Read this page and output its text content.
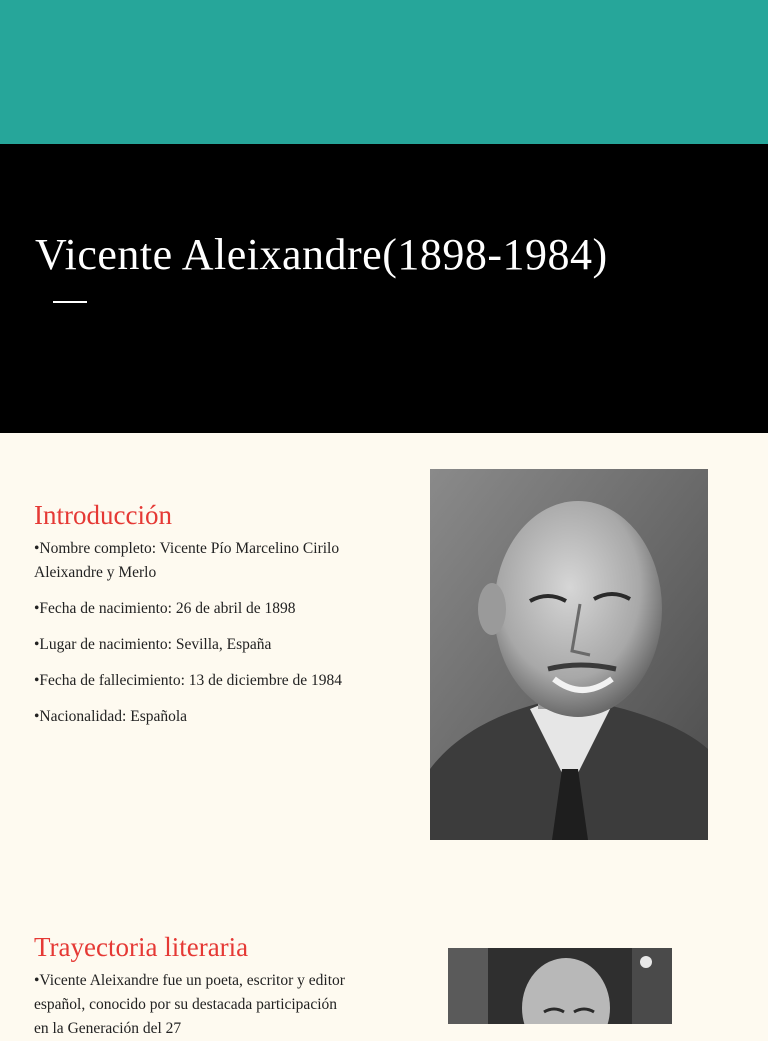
Vicente Aleixandre(1898-1984)
Introducción

•Nombre completo: Vicente Pío Marcelino Cirilo Aleixandre y Merlo

•Fecha de nacimiento: 26 de abril de 1898

•Lugar de nacimiento: Sevilla, España

•Fecha de fallecimiento: 13 de diciembre de 1984

•Nacionalidad: Española

Trayectoria literaria

•Vicente Aleixandre fue un poeta, escritor y editor español, conocido por su destacada participación en la Generación del 27
